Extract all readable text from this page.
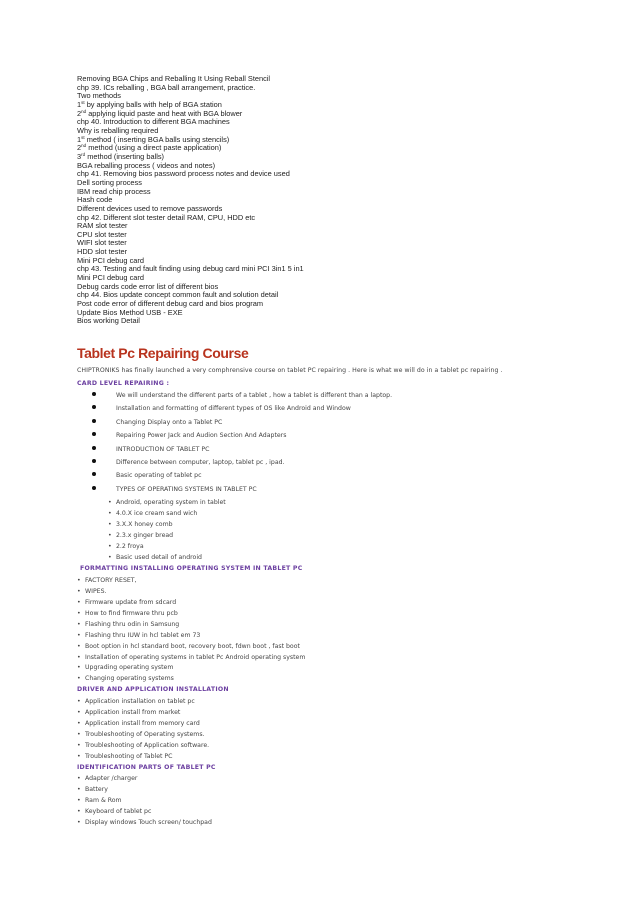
Removing BGA Chips and Reballing It Using Reball Stencil
chp 39. ICs reballing , BGA ball arrangement, practice.
Two methods
1st by applying balls with help of BGA station
2nd applying liquid paste and heat with BGA blower
chp 40. Introduction to different BGA machines
Why is reballing required
1st method ( inserting BGA balls using stencils)
2nd method (using a direct paste application)
3rd method (inserting balls)
BGA reballing process ( videos and notes)
chp 41. Removing bios password process notes and device used
Dell sorting process
IBM read chip process
Hash code
Different devices used to remove passwords
chp 42. Different slot tester detail RAM, CPU, HDD etc
RAM slot tester
CPU slot tester
WIFI slot tester
HDD slot tester
Mini PCI debug card
chp 43. Testing and fault finding using debug card mini PCI 3in1 5 in1
Mini PCI debug card
Debug cards code error list of different bios
chp 44. Bios update concept common fault and solution detail
Post code error of different debug card and bios program
Update Bios Method USB - EXE
Bios working Detail
Tablet Pc Repairing Course
CHIPTRONIKS has finally launched a very comphrensive course on tablet PC repairing . Here is what we will do in a tablet pc repairing .
CARD LEVEL REPAIRING :
We will understand the different parts of a tablet , how a tablet is different than a laptop.
Installation and formatting of different types of OS like Android and Window
Changing Display onto a Tablet PC
Repairing Power Jack and Audion Section And Adapters
INTRODUCTION OF TABLET PC
Difference between computer, laptop, tablet pc , ipad.
Basic operating of tablet pc
TYPES OF OPERATING SYSTEMS IN TABLET PC
• Android, operating system in tablet
• 4.0.X ice cream sand wich
• 3.X.X honey comb
• 2.3.x ginger bread
• 2.2 froya
• Basic used detail of android
FORMATTING INSTALLING OPERATING SYSTEM IN TABLET PC
• FACTORY RESET,
• WIPES.
• Firmware update from sdcard
• How to find firmware thru pcb
• Flashing thru odin in Samsung
• Flashing thru IUW in hcl tablet em 73
• Boot option in hcl standard boot, recovery boot, fdwn boot , fast boot
• Installation of operating systems in tablet Pc Android operating system
• Upgrading operating system
• Changing operating systems
DRIVER AND APPLICATION INSTALLATION
• Application installation on tablet pc
• Application install from market
• Application install from memory card
• Troubleshooting of Operating systems.
• Troubleshooting of Application software.
• Troubleshooting of Tablet PC
IDENTIFICATION PARTS OF TABLET PC
• Adapter /charger
• Battery
• Ram & Rom
• Keyboard of tablet pc
• Display windows Touch screen/ touchpad
